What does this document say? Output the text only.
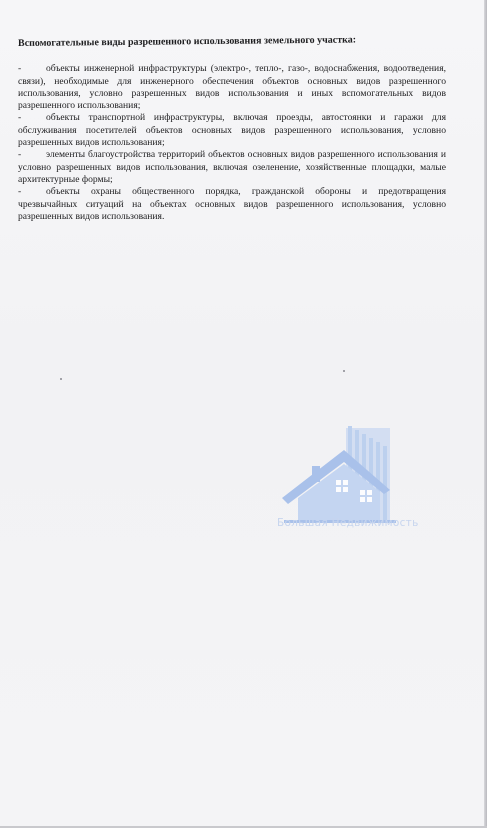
Вспомогательные виды разрешенного использования земельного участка:

-	объекты инженерной инфраструктуры (электро-, тепло-, газо-, водоснабжения, водоотведения, связи), необходимые для инженерного обеспечения объектов основных видов разрешенного использования, условно разрешенных видов использования и иных вспомогательных видов разрешенного использования;

-	объекты транспортной инфраструктуры, включая проезды, автостоянки и гаражи для обслуживания посетителей объектов основных видов разрешенного использования, условно разрешенных видов использования;

-	элементы благоустройства территорий объектов основных видов разрешенного использования и условно разрешенных видов использования, включая озеленение, хозяйственные площадки, малые архитектурные формы;

-	объекты охраны общественного порядка, гражданской обороны и предотвращения чрезвычайных ситуаций на объектах основных видов разрешенного использования, условно разрешенных видов использования.

Большая Недвижимость
